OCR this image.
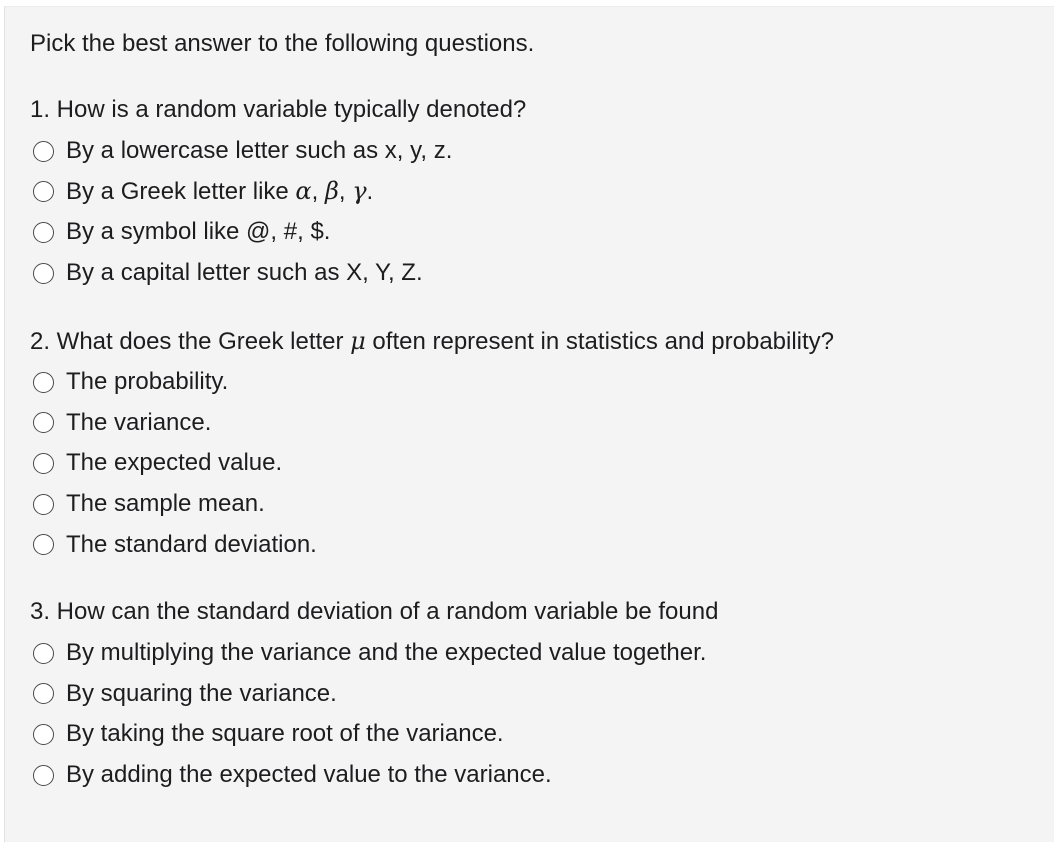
Pick the best answer to the following questions.
1. How is a random variable typically denoted?
By a lowercase letter such as x, y, z.
By a Greek letter like α, β, γ.
By a symbol like @, #, $.
By a capital letter such as X, Y, Z.
2. What does the Greek letter μ often represent in statistics and probability?
The probability.
The variance.
The expected value.
The sample mean.
The standard deviation.
3. How can the standard deviation of a random variable be found
By multiplying the variance and the expected value together.
By squaring the variance.
By taking the square root of the variance.
By adding the expected value to the variance.
